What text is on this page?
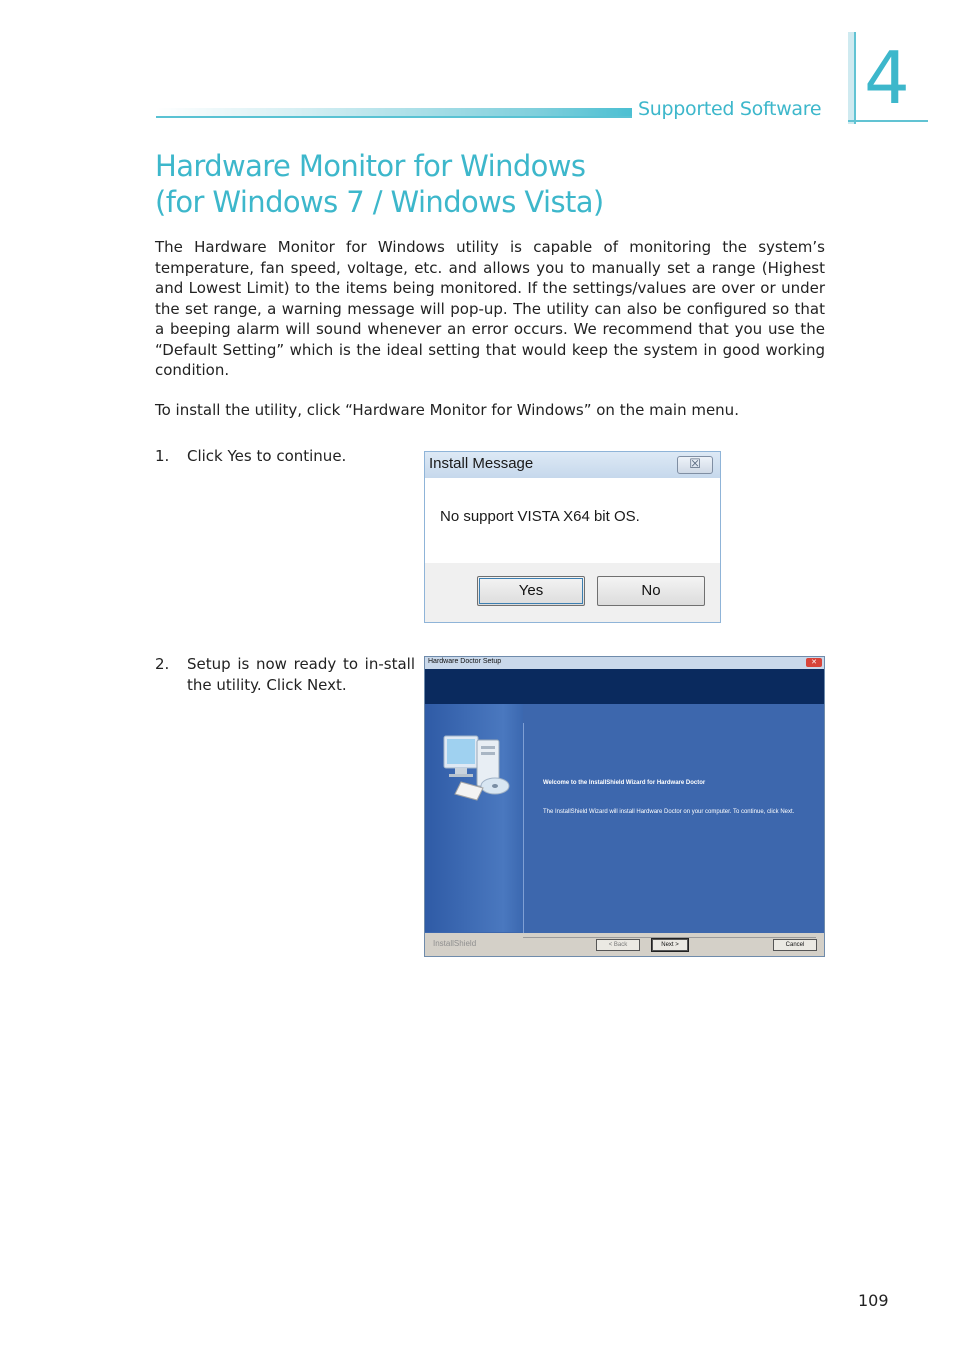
Supported Software 4
Hardware Monitor for Windows
(for Windows 7 / Windows Vista)
The Hardware Monitor for Windows utility is capable of monitoring the system’s temperature, fan speed, voltage, etc. and allows you to manually set a range (Highest and Lowest Limit) to the items being monitored. If the settings/values are over or under the set range, a warning message will pop-up. The utility can also be configured so that a beeping alarm will sound whenever an error occurs. We recommend that you use the “Default Setting” which is the ideal setting that would keep the system in good working condition.
To install the utility, click “Hardware Monitor for Windows” on the main menu.
1. Click Yes to continue.
2. Setup is now ready to in-stall the utility. Click Next.
Install Message	☒
No support VISTA X64 bit OS.
Yes	No
Hardware Doctor Setup	✕
Welcome to the InstallShield Wizard for Hardware Doctor
The InstallShield Wizard will install Hardware Doctor on your computer. To continue, click Next.
InstallShield	< Back	Next >	Cancel
109
